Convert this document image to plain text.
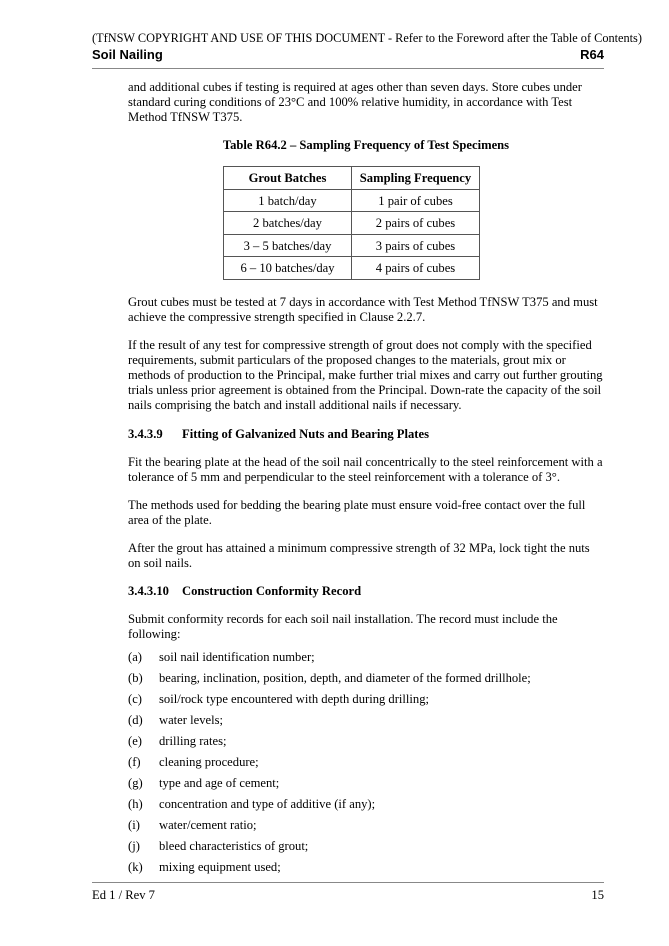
(TfNSW COPYRIGHT AND USE OF THIS DOCUMENT - Refer to the Foreword after the Table of Contents)
Soil Nailing	R64

and additional cubes if testing is required at ages other than seven days. Store cubes under standard curing conditions of 23°C and 100% relative humidity, in accordance with Test Method TfNSW T375.

Table R64.2 – Sampling Frequency of Test Specimens

Grout Batches	Sampling Frequency
1 batch/day	1 pair of cubes
2 batches/day	2 pairs of cubes
3 – 5 batches/day	3 pairs of cubes
6 – 10 batches/day	4 pairs of cubes

Grout cubes must be tested at 7 days in accordance with Test Method TfNSW T375 and must achieve the compressive strength specified in Clause 2.2.7.

If the result of any test for compressive strength of grout does not comply with the specified requirements, submit particulars of the proposed changes to the materials, grout mix or methods of production to the Principal, make further trial mixes and carry out further grouting trials unless prior agreement is obtained from the Principal. Down-rate the capacity of the soil nails comprising the batch and install additional nails if necessary.

3.4.3.9 Fitting of Galvanized Nuts and Bearing Plates

Fit the bearing plate at the head of the soil nail concentrically to the steel reinforcement with a tolerance of 5 mm and perpendicular to the steel reinforcement with a tolerance of 3°.

The methods used for bedding the bearing plate must ensure void-free contact over the full area of the plate.

After the grout has attained a minimum compressive strength of 32 MPa, lock tight the nuts on soil nails.

3.4.3.10 Construction Conformity Record

Submit conformity records for each soil nail installation. The record must include the following:

(a)	soil nail identification number;
(b)	bearing, inclination, position, depth, and diameter of the formed drillhole;
(c)	soil/rock type encountered with depth during drilling;
(d)	water levels;
(e)	drilling rates;
(f)	cleaning procedure;
(g)	type and age of cement;
(h)	concentration and type of additive (if any);
(i)	water/cement ratio;
(j)	bleed characteristics of grout;
(k)	mixing equipment used;
Ed 1 / Rev 7	15
